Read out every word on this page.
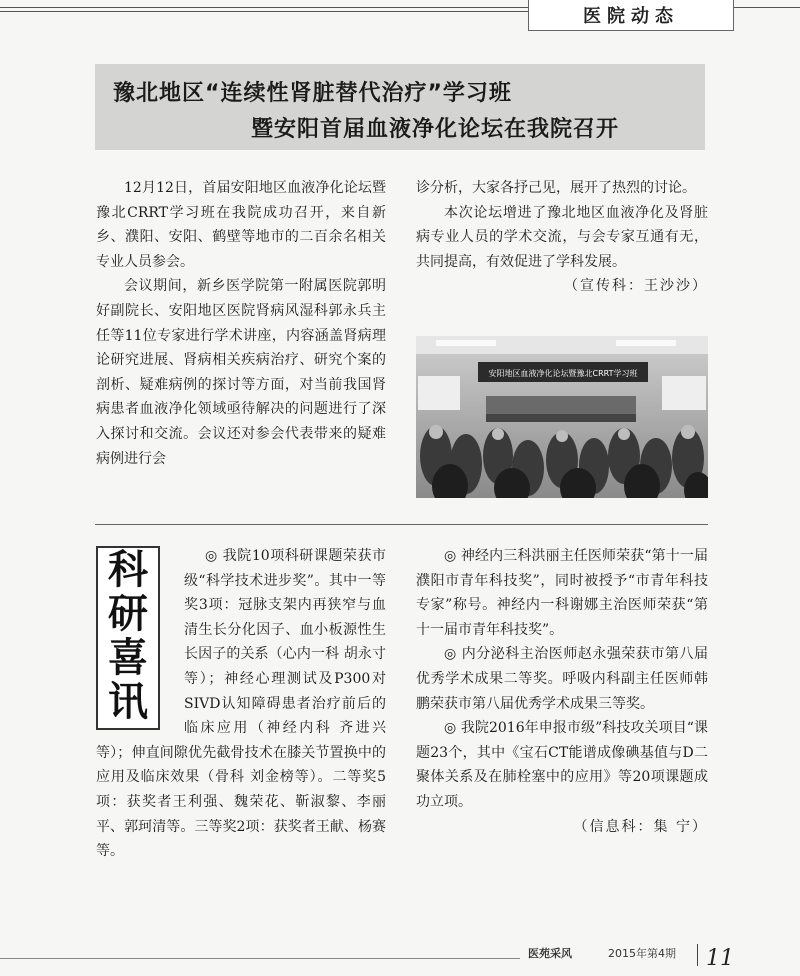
医院动态
豫北地区“连续性肾脏替代治疗”学习班
暨安阳首届血液净化论坛在我院召开

12月12日，首届安阳地区血液净化论坛暨豫北CRRT学习班在我院成功召开，来自新乡、濮阳、安阳、鹤壁等地市的二百余名相关专业人员参会。

会议期间，新乡医学院第一附属医院郭明好副院长、安阳地区医院肾病风湿科郭永兵主任等11位专家进行学术讲座，内容涵盖肾病理论研究进展、肾病相关疾病治疗、研究个案的剖析、疑难病例的探讨等方面，对当前我国肾病患者血液净化领域亟待解决的问题进行了深入探讨和交流。会议还对参会代表带来的疑难病例进行会

诊分析，大家各抒己见，展开了热烈的讨论。

本次论坛增进了豫北地区血液净化及肾脏病专业人员的学术交流，与会专家互通有无，共同提高，有效促进了学科发展。

（宣传科：王沙沙）

安阳地区血液净化论坛暨豫北CRRT学习班
科
研
喜
讯

◎ 我院10项科研课题荣获市级“科学技术进步奖”。其中一等奖3项：冠脉支架内再狭窄与血清生长分化因子、血小板源性生长因子的关系（心内一科 胡永寸等）；神经心理测试及P300对SIVD认知障碍患者治疗前后的临床应用（神经内科 齐进兴等）；伸直间隙优先截骨技术在膝关节置换中的应用及临床效果（骨科 刘金榜等）。二等奖5项：获奖者王利强、魏荣花、靳淑黎、李丽平、郭珂清等。三等奖2项：获奖者王献、杨赛等。

◎ 神经内三科洪丽主任医师荣获“第十一届濮阳市青年科技奖”，同时被授予“市青年科技专家”称号。神经内一科谢娜主治医师荣获“第十一届市青年科技奖”。

◎ 内分泌科主治医师赵永强荣获市第八届优秀学术成果二等奖。呼吸内科副主任医师韩鹏荣获市第八届优秀学术成果三等奖。

◎ 我院2016年申报市级”科技攻关项目“课题23个，其中《宝石CT能谱成像碘基值与D二聚体关系及在肺栓塞中的应用》等20项课题成功立项。

（信息科：集 宁）

医苑采风	2015年第4期 11
